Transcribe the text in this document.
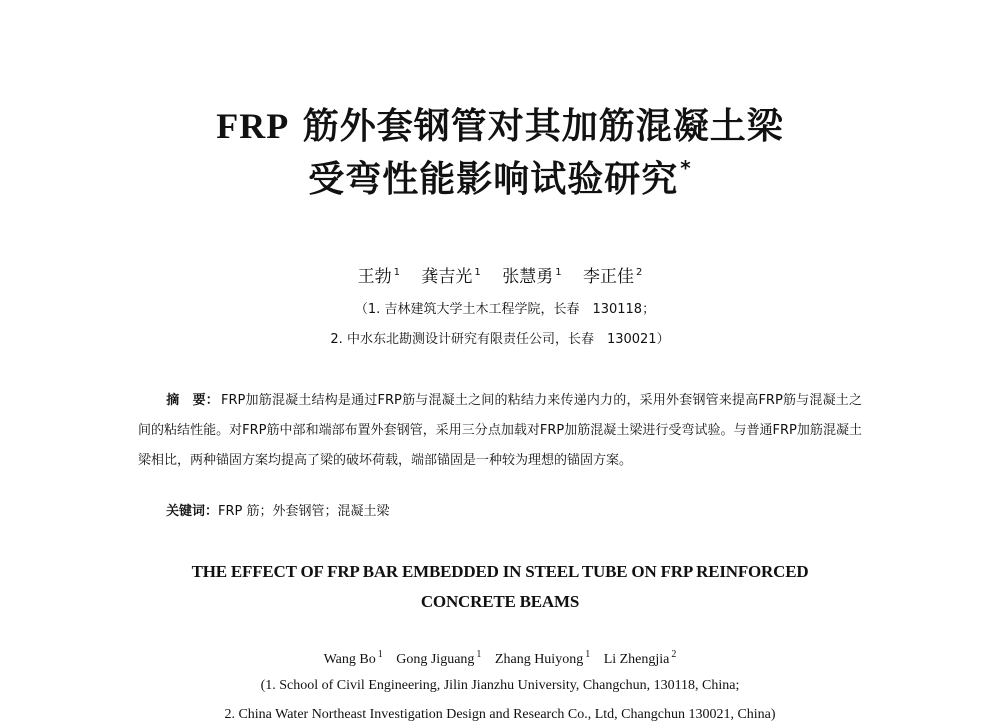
FRP 筋外套钢管对其加筋混凝土梁
受弯性能影响试验研究 *
王勃 $^1$ 龚吉光 $^1$ 张慧勇 $^1$ 李正佳 $^2$
（1. 吉林建筑大学土木工程学院，长春　130118；
2. 中水东北勘测设计研究有限责任公司，长春　130021）
摘　要： FRP加筋混凝土结构是通过FRP筋与混凝土之间的粘结力来传递内力的，采用外套钢管来提高FRP筋与混凝土之间的粘结性能。对FRP筋中部和端部布置外套钢管，采用三分点加载对FRP加筋混凝土梁进行受弯试验。与普通FRP加筋混凝土梁相比，两种锚固方案均提高了梁的破坏荷载，端部锚固是一种较为理想的锚固方案。
关键词：FRP 筋；外套钢管；混凝土梁
THE EFFECT OF FRP BAR EMBEDDED IN STEEL TUBE ON FRP REINFORCED
CONCRETE BEAMS
Wang Bo $^1$ Gong Jiguang $^1$ Zhang Huiyong $^1$ Li Zhengjia $^2$
(1. School of Civil Engineering, Jilin Jianzhu University, Changchun, 130118, China;
2. China Water Northeast Investigation Design and Research Co., Ltd, Changchun 130021, China)
